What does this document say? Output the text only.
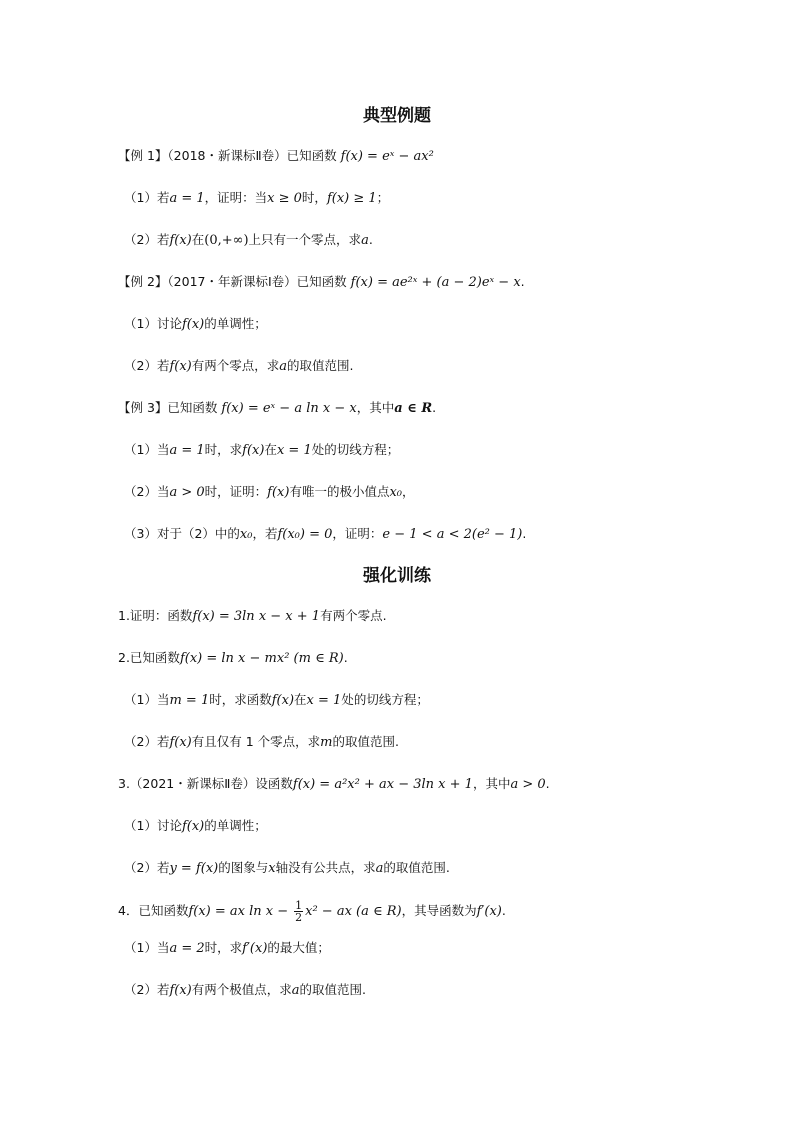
典型例题
【例 1】（2018・新课标Ⅱ卷）已知函数 f(x) = eˣ − ax²
（1）若a = 1，证明：当x ≥ 0时，f(x) ≥ 1；
（2）若f(x)在(0,+∞)上只有一个零点，求a.
【例 2】（2017・年新课标Ⅰ卷）已知函数 f(x) = ae²ˣ + (a − 2)eˣ − x.
（1）讨论f(x)的单调性；
（2）若f(x)有两个零点，求a的取值范围.
【例 3】已知函数 f(x) = eˣ − a ln x − x，其中a ∈ R.
（1）当a = 1时，求f(x)在x = 1处的切线方程；
（2）当a > 0时，证明：f(x)有唯一的极小值点x₀，
（3）对于（2）中的x₀，若f(x₀) = 0，证明：e − 1 < a < 2(e² − 1).
强化训练
1.证明：函数f(x) = 3ln x − x + 1有两个零点.
2.已知函数f(x) = ln x − mx² (m ∈ R).
（1）当m = 1时，求函数f(x)在x = 1处的切线方程；
（2）若f(x)有且仅有 1 个零点，求m的取值范围.
3.（2021・新课标Ⅱ卷）设函数f(x) = a²x² + ax − 3ln x + 1，其中a > 0.
（1）讨论f(x)的单调性；
（2）若y = f(x)的图象与x轴没有公共点，求a的取值范围.
4．已知函数f(x) = ax $\ln x - \frac{1}{2} x^2$ − ax (a ∈ R)，其导函数为f′(x).
（1）当a = 2时，求f′(x)的最大值；
（2）若f(x)有两个极值点，求a的取值范围.
